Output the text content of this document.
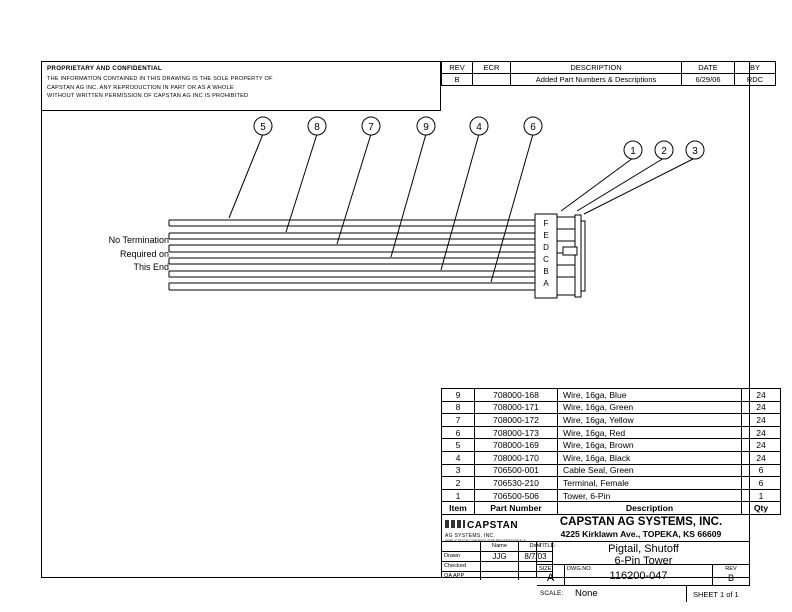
PROPRIETARY AND CONFIDENTIAL
THE INFORMATION CONTAINED IN THIS DRAWING IS THE SOLE PROPERTY OF
CAPSTAN AG INC. ANY REPRODUCTION IN PART OR AS A WHOLE
WITHOUT WRITTEN PERMISSION OF CAPSTAN AG INC IS PROHIBITED
REV	ECR	DESCRIPTION	DATE	BY
B		Added Part Numbers & Descriptions	6/29/06	RDC
5	8	7	9	4	6
1	2	3
F
E
D
C
B
A
No Termination
Required on
This End
9	708000-168	Wire, 16ga, Blue	24
8	708000-171	Wire, 16ga, Green	24
7	708000-172	Wire, 16ga, Yellow	24
6	708000-173	Wire, 16ga, Red	24
5	708000-169	Wire, 16ga, Brown	24
4	708000-170	Wire, 16ga, Black	24
3	706500-001	Cable Seal, Green	6
2	706530-210	Terminal, Female	6
1	706500-506	Tower, 6-Pin	1
Item	Part Number	Description	Qty
CAPSTAN
AG SYSTEMS, INC.
APPLICATION CONTROL FOR PROFESSIONALS
CAPSTAN AG SYSTEMS, INC.
4225 Kirklawn Ave., TOPEKA, KS 66609
	Name	Date
Drawn	JJG	8/7/03
Checked		
QA APP		
TITLE:	Pigtail, Shutoff
6-Pin Tower
SIZE
A
DWG.NO.
116200-047
REV
B
SCALE: None	SHEET 1 of 1
